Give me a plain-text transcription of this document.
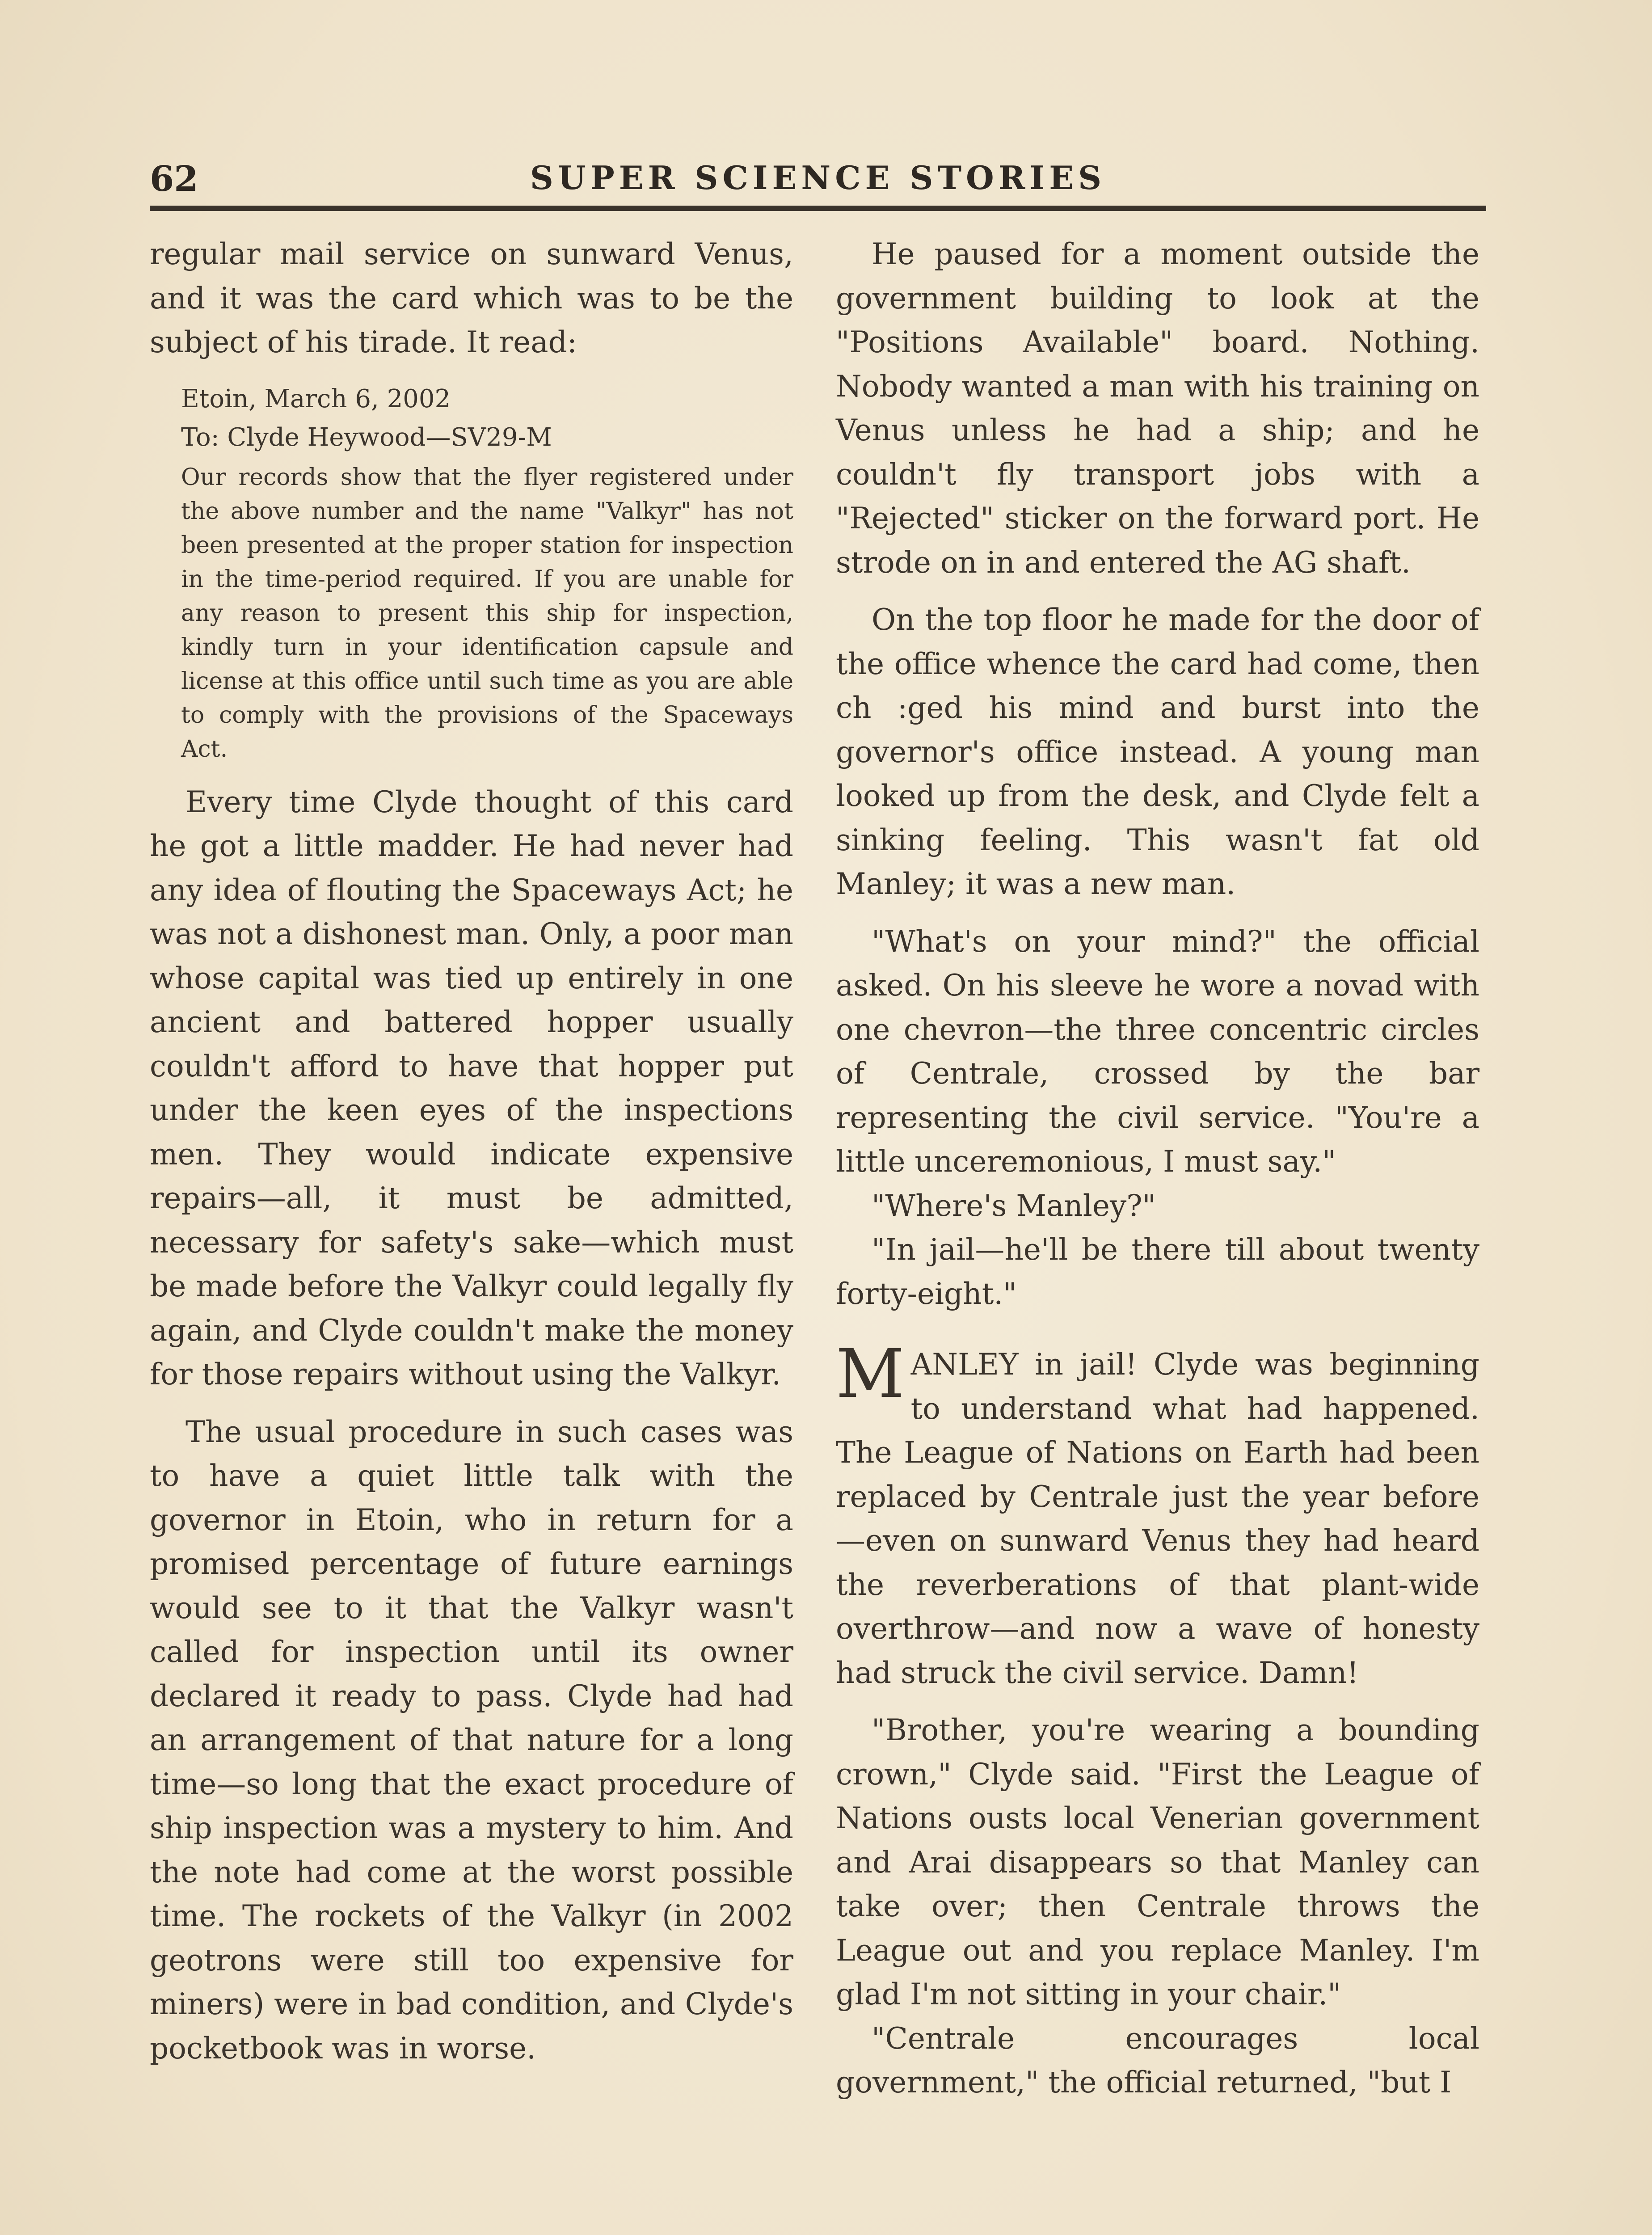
62	SUPER SCIENCE STORIES

regular mail service on sunward Venus, and it was the card which was to be the subject of his tirade. It read:

Etoin, March 6, 2002

To: Clyde Heywood—SV29-M

Our records show that the flyer registered under the above number and the name "Valkyr" has not been presented at the proper station for inspection in the time-period required. If you are unable for any reason to present this ship for inspection, kindly turn in your identification capsule and license at this office until such time as you are able to comply with the provisions of the Spaceways Act.

Every time Clyde thought of this card he got a little madder. He had never had any idea of flouting the Spaceways Act; he was not a dishonest man. Only, a poor man whose capital was tied up entirely in one ancient and battered hopper usually couldn't afford to have that hopper put under the keen eyes of the inspections men. They would indicate expensive repairs—all, it must be admitted, necessary for safety's sake—which must be made before the Valkyr could legally fly again, and Clyde couldn't make the money for those repairs without using the Valkyr.

The usual procedure in such cases was to have a quiet little talk with the governor in Etoin, who in return for a promised percentage of future earnings would see to it that the Valkyr wasn't called for inspection until its owner declared it ready to pass. Clyde had had an arrangement of that nature for a long time—so long that the exact procedure of ship inspection was a mystery to him. And the note had come at the worst possible time. The rockets of the Valkyr (in 2002 geotrons were still too expensive for miners) were in bad condition, and Clyde's pocketbook was in worse.

He paused for a moment outside the government building to look at the "Positions Available" board. Nothing. Nobody wanted a man with his training on Venus unless he had a ship; and he couldn't fly transport jobs with a "Rejected" sticker on the forward port. He strode on in and entered the AG shaft.

On the top floor he made for the door of the office whence the card had come, then ch :ged his mind and burst into the governor's office instead. A young man looked up from the desk, and Clyde felt a sinking feeling. This wasn't fat old Manley; it was a new man.

"What's on your mind?" the official asked. On his sleeve he wore a novad with one chevron—the three concentric circles of Centrale, crossed by the bar representing the civil service. "You're a little unceremonious, I must say."

"Where's Manley?"

"In jail—he'll be there till about twenty forty-eight."

MANLEY in jail! Clyde was beginning to understand what had happened. The League of Nations on Earth had been replaced by Centrale just the year before—even on sunward Venus they had heard the reverberations of that plant-wide overthrow—and now a wave of honesty had struck the civil service. Damn!

"Brother, you're wearing a bounding crown," Clyde said. "First the League of Nations ousts local Venerian government and Arai disappears so that Manley can take over; then Centrale throws the League out and you replace Manley. I'm glad I'm not sitting in your chair."

"Centrale encourages local government," the official returned, "but I
